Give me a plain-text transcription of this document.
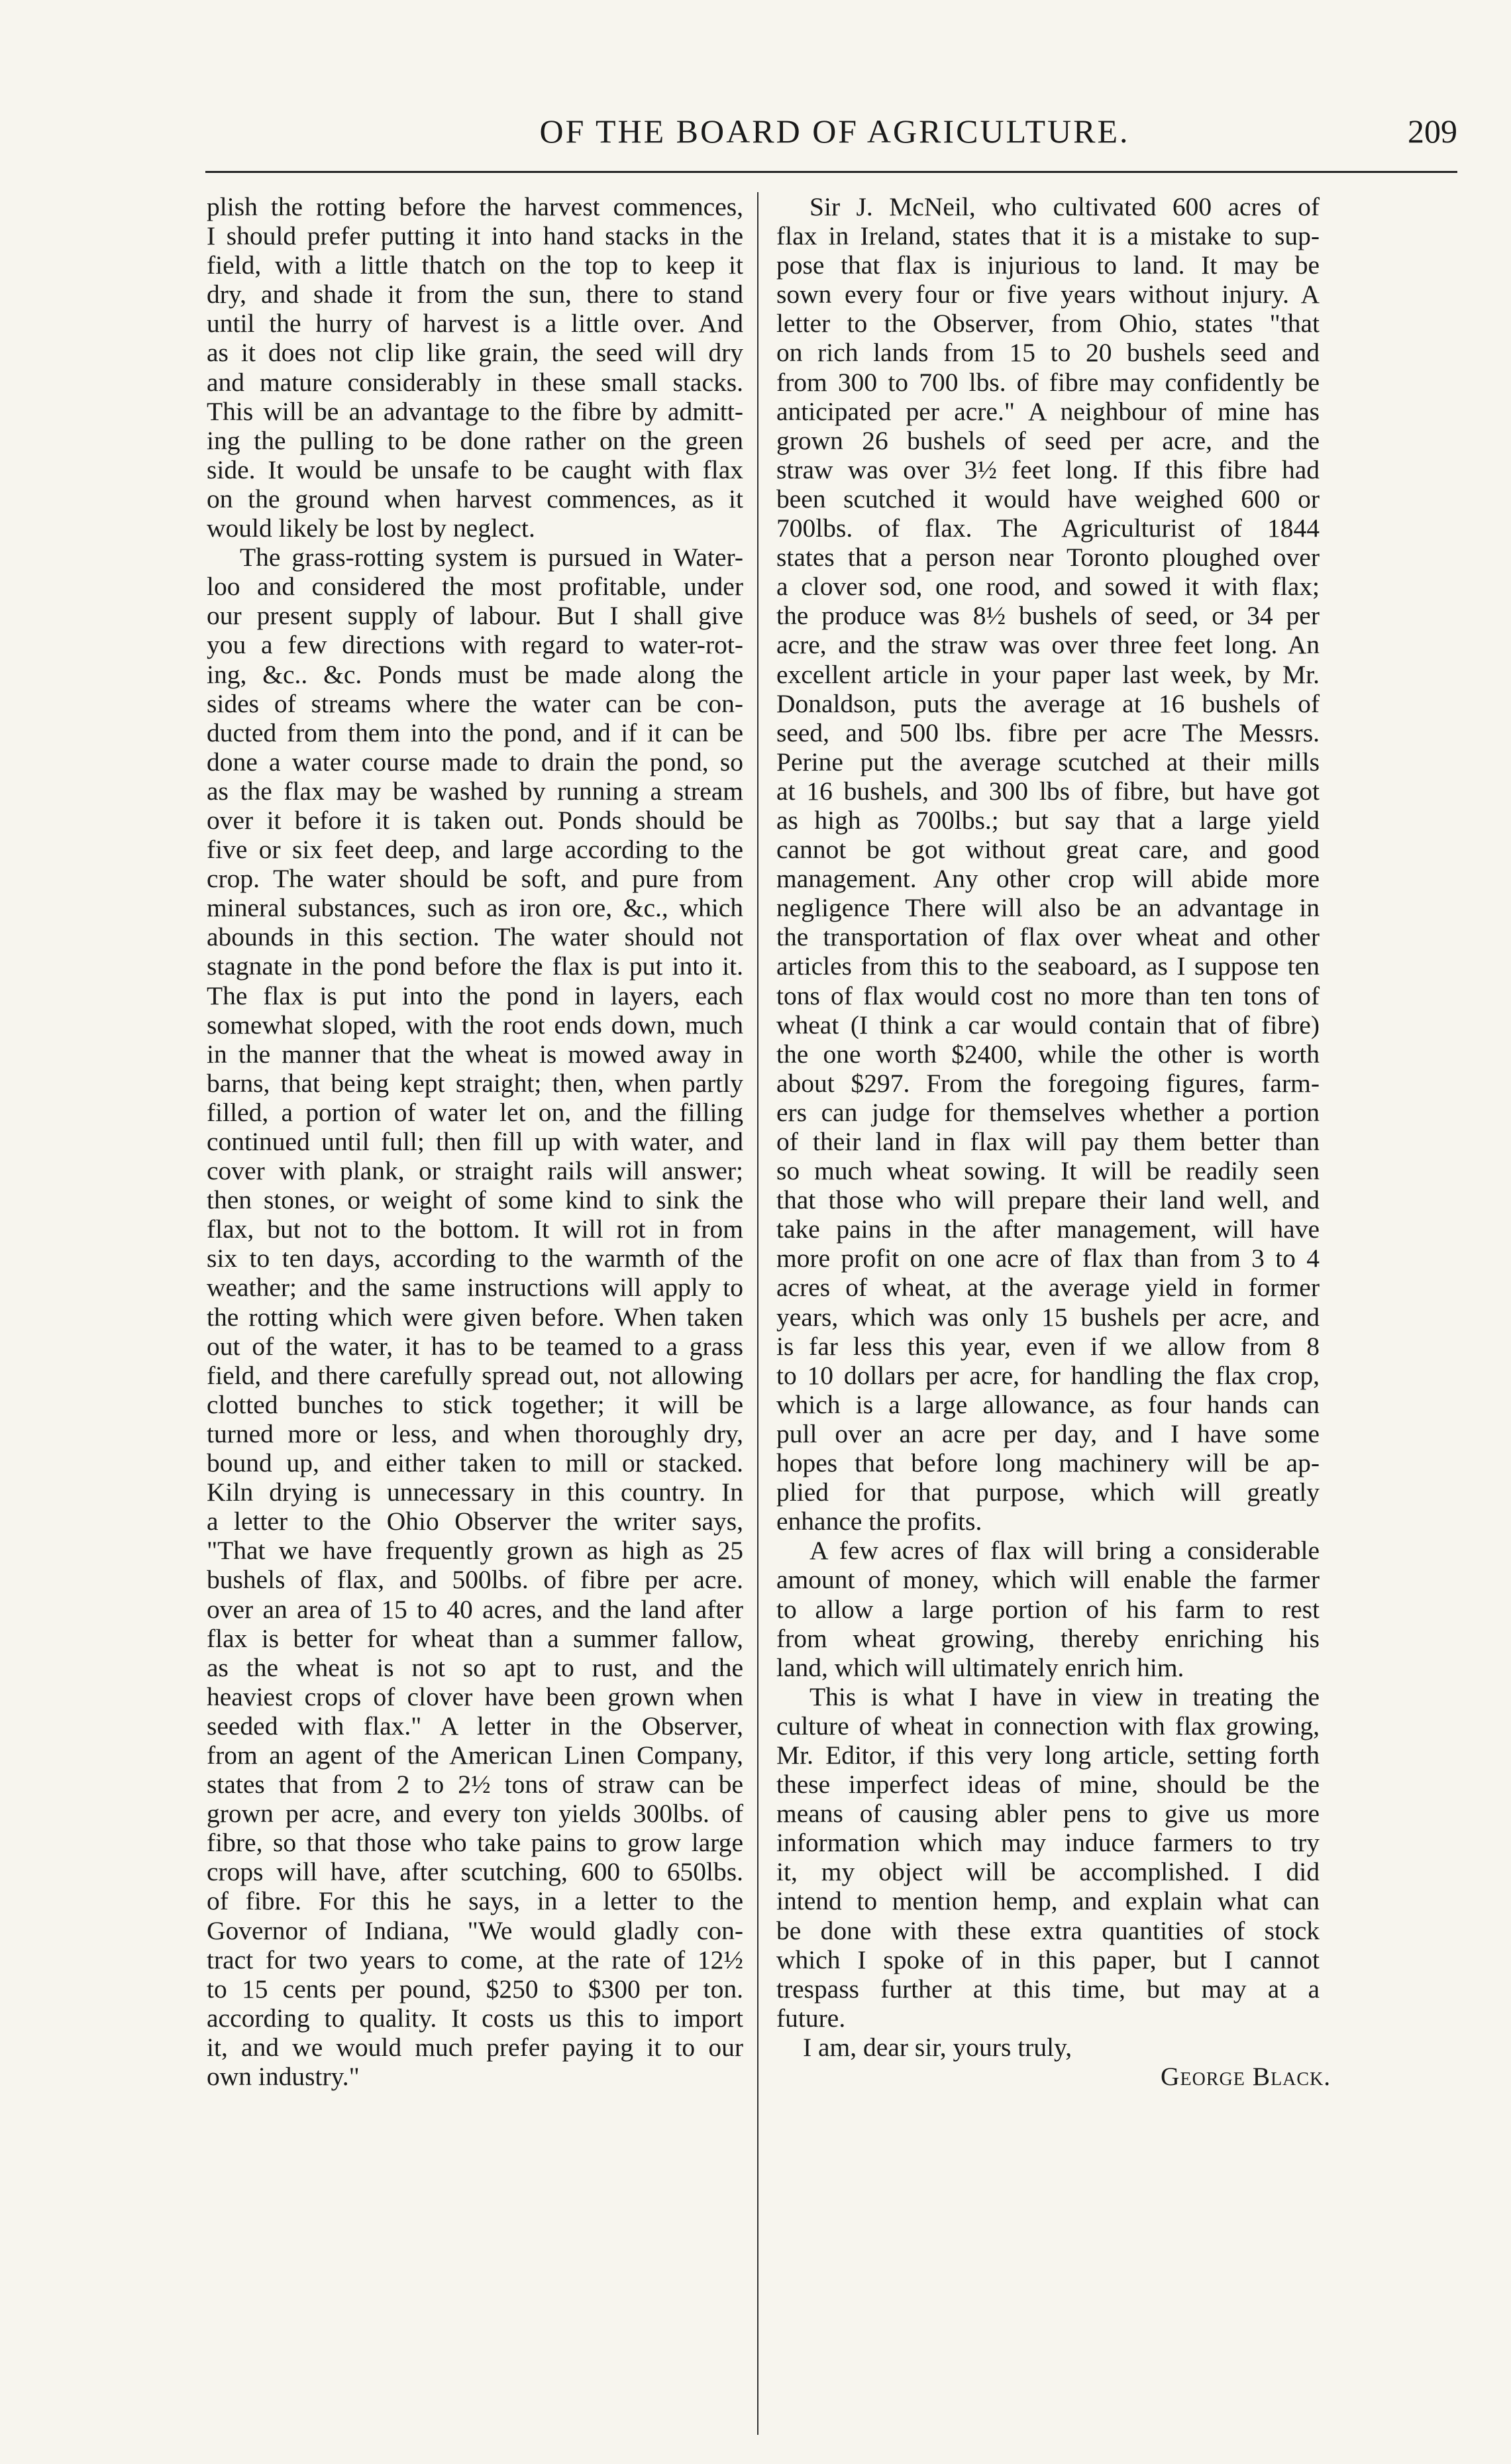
OF THE BOARD OF AGRICULTURE.	209
plish the rotting before the harvest commences,
I should prefer putting it into hand stacks in the
field, with a little thatch on the top to keep it
dry, and shade it from the sun, there to stand
until the hurry of harvest is a little over. And
as it does not clip like grain, the seed will dry
and mature considerably in these small stacks.
This will be an advantage to the fibre by admitt-
ing the pulling to be done rather on the green
side. It would be unsafe to be caught with flax
on the ground when harvest commences, as it
would likely be lost by neglect.
The grass-rotting system is pursued in Water-
loo and considered the most profitable, under
our present supply of labour. But I shall give
you a few directions with regard to water-rot-
ing, &c.. &c. Ponds must be made along the
sides of streams where the water can be con-
ducted from them into the pond, and if it can be
done a water course made to drain the pond, so
as the flax may be washed by running a stream
over it before it is taken out. Ponds should be
five or six feet deep, and large according to the
crop. The water should be soft, and pure from
mineral substances, such as iron ore, &c., which
abounds in this section. The water should not
stagnate in the pond before the flax is put into it.
The flax is put into the pond in layers, each
somewhat sloped, with the root ends down, much
in the manner that the wheat is mowed away in
barns, that being kept straight; then, when partly
filled, a portion of water let on, and the filling
continued until full; then fill up with water, and
cover with plank, or straight rails will answer;
then stones, or weight of some kind to sink the
flax, but not to the bottom. It will rot in from
six to ten days, according to the warmth of the
weather; and the same instructions will apply to
the rotting which were given before. When taken
out of the water, it has to be teamed to a grass
field, and there carefully spread out, not allowing
clotted bunches to stick together; it will be
turned more or less, and when thoroughly dry,
bound up, and either taken to mill or stacked.
Kiln drying is unnecessary in this country. In
a letter to the Ohio Observer the writer says,
"That we have frequently grown as high as 25
bushels of flax, and 500lbs. of fibre per acre.
over an area of 15 to 40 acres, and the land after
flax is better for wheat than a summer fallow,
as the wheat is not so apt to rust, and the
heaviest crops of clover have been grown when
seeded with flax." A letter in the Observer,
from an agent of the American Linen Company,
states that from 2 to 2½ tons of straw can be
grown per acre, and every ton yields 300lbs. of
fibre, so that those who take pains to grow large
crops will have, after scutching, 600 to 650lbs.
of fibre. For this he says, in a letter to the
Governor of Indiana, "We would gladly con-
tract for two years to come, at the rate of 12½
to 15 cents per pound, $250 to $300 per ton.
according to quality. It costs us this to import
it, and we would much prefer paying it to our
own industry."
Sir J. McNeil, who cultivated 600 acres of
flax in Ireland, states that it is a mistake to sup-
pose that flax is injurious to land. It may be
sown every four or five years without injury. A
letter to the Observer, from Ohio, states "that
on rich lands from 15 to 20 bushels seed and
from 300 to 700 lbs. of fibre may confidently be
anticipated per acre." A neighbour of mine has
grown 26 bushels of seed per acre, and the
straw was over 3½ feet long. If this fibre had
been scutched it would have weighed 600 or
700lbs. of flax. The Agriculturist of 1844
states that a person near Toronto ploughed over
a clover sod, one rood, and sowed it with flax;
the produce was 8½ bushels of seed, or 34 per
acre, and the straw was over three feet long. An
excellent article in your paper last week, by Mr.
Donaldson, puts the average at 16 bushels of
seed, and 500 lbs. fibre per acre The Messrs.
Perine put the average scutched at their mills
at 16 bushels, and 300 lbs of fibre, but have got
as high as 700lbs.; but say that a large yield
cannot be got without great care, and good
management. Any other crop will abide more
negligence There will also be an advantage in
the transportation of flax over wheat and other
articles from this to the seaboard, as I suppose ten
tons of flax would cost no more than ten tons of
wheat (I think a car would contain that of fibre)
the one worth $2400, while the other is worth
about $297. From the foregoing figures, farm-
ers can judge for themselves whether a portion
of their land in flax will pay them better than
so much wheat sowing. It will be readily seen
that those who will prepare their land well, and
take pains in the after management, will have
more profit on one acre of flax than from 3 to 4
acres of wheat, at the average yield in former
years, which was only 15 bushels per acre, and
is far less this year, even if we allow from 8
to 10 dollars per acre, for handling the flax crop,
which is a large allowance, as four hands can
pull over an acre per day, and I have some
hopes that before long machinery will be ap-
plied for that purpose, which will greatly
enhance the profits.
A few acres of flax will bring a considerable
amount of money, which will enable the farmer
to allow a large portion of his farm to rest
from wheat growing, thereby enriching his
land, which will ultimately enrich him.
This is what I have in view in treating the
culture of wheat in connection with flax growing,
Mr. Editor, if this very long article, setting forth
these imperfect ideas of mine, should be the
means of causing abler pens to give us more
information which may induce farmers to try
it, my object will be accomplished. I did
intend to mention hemp, and explain what can
be done with these extra quantities of stock
which I spoke of in this paper, but I cannot
trespass further at this time, but may at a
future.
I am, dear sir, yours truly,
George Black.
